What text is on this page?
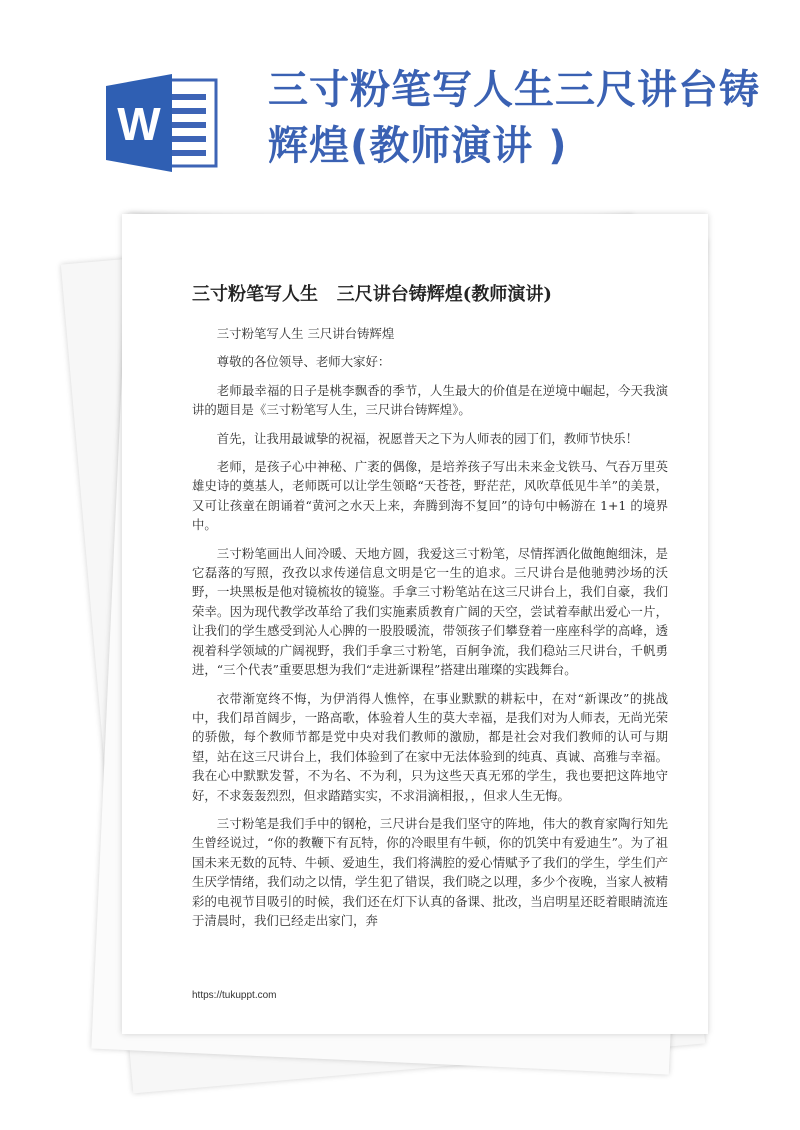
W
三寸粉笔写人生三尺讲台铸辉煌(教师演讲 )
三寸粉笔写人生   三尺讲台铸辉煌(教师演讲)

三寸粉笔写人生 三尺讲台铸辉煌

尊敬的各位领导、老师大家好：

老师最幸福的日子是桃李飘香的季节，人生最大的价值是在逆境中崛起，今天我演讲的题目是《三寸粉笔写人生，三尺讲台铸辉煌》。

首先，让我用最诚挚的祝福，祝愿普天之下为人师表的园丁们，教师节快乐！

老师，是孩子心中神秘、广袤的偶像，是培养孩子写出未来金戈铁马、气吞万里英雄史诗的奠基人，老师既可以让学生领略“天苍苍，野茫茫，风吹草低见牛羊”的美景，又可让孩童在朗诵着“黄河之水天上来，奔腾到海不复回”的诗句中畅游在 1+1 的境界中。

三寸粉笔画出人间冷暖、天地方圆，我爱这三寸粉笔，尽情挥洒化做飽飽细沫，是它磊落的写照，孜孜以求传递信息文明是它一生的追求。三尺讲台是他驰骋沙场的沃野，一块黑板是他对镜梳妆的镜鉴。手拿三寸粉笔站在这三尺讲台上，我们自豪，我们荣幸。因为现代教学改革给了我们实施素质教育广阔的天空，尝试着奉献出爱心一片，让我们的学生感受到沁人心脾的一股股暖流，带领孩子们攀登着一座座科学的高峰，透视着科学领域的广阔视野，我们手拿三寸粉笔，百舸争流，我们稳站三尺讲台，千帆勇进，“三个代表”重要思想为我们“走进新课程”搭建出璀璨的实践舞台。

衣带渐宽终不悔，为伊消得人憔悴，在事业默默的耕耘中，在对“新课改”的挑战中，我们昂首阔步，一路高歌，体验着人生的莫大幸福，是我们对为人师表，无尚光荣的骄傲，每个教师节都是党中央对我们教师的激励，都是社会对我们教师的认可与期望，站在这三尺讲台上，我们体验到了在家中无法体验到的纯真、真诚、高雅与幸福。我在心中默默发誓，不为名、不为利，只为这些天真无邪的学生，我也要把这阵地守好，不求轰轰烈烈，但求踏踏实实，不求涓滴相报，，但求人生无悔。

三寸粉笔是我们手中的钢枪，三尺讲台是我们坚守的阵地，伟大的教育家陶行知先生曾经说过，“你的教鞭下有瓦特，你的冷眼里有牛顿，你的饥笑中有爱迪生”。为了祖国未来无数的瓦特、牛顿、爱迪生，我们将满腔的爱心情赋予了我们的学生，学生们产生厌学情绪，我们动之以情，学生犯了错误，我们晓之以理，多少个夜晚，当家人被精彩的电视节目吸引的时候，我们还在灯下认真的备课、批改，当启明星还眨着眼睛流连于清晨时，我们已经走出家门，奔

https://tukuppt.com
